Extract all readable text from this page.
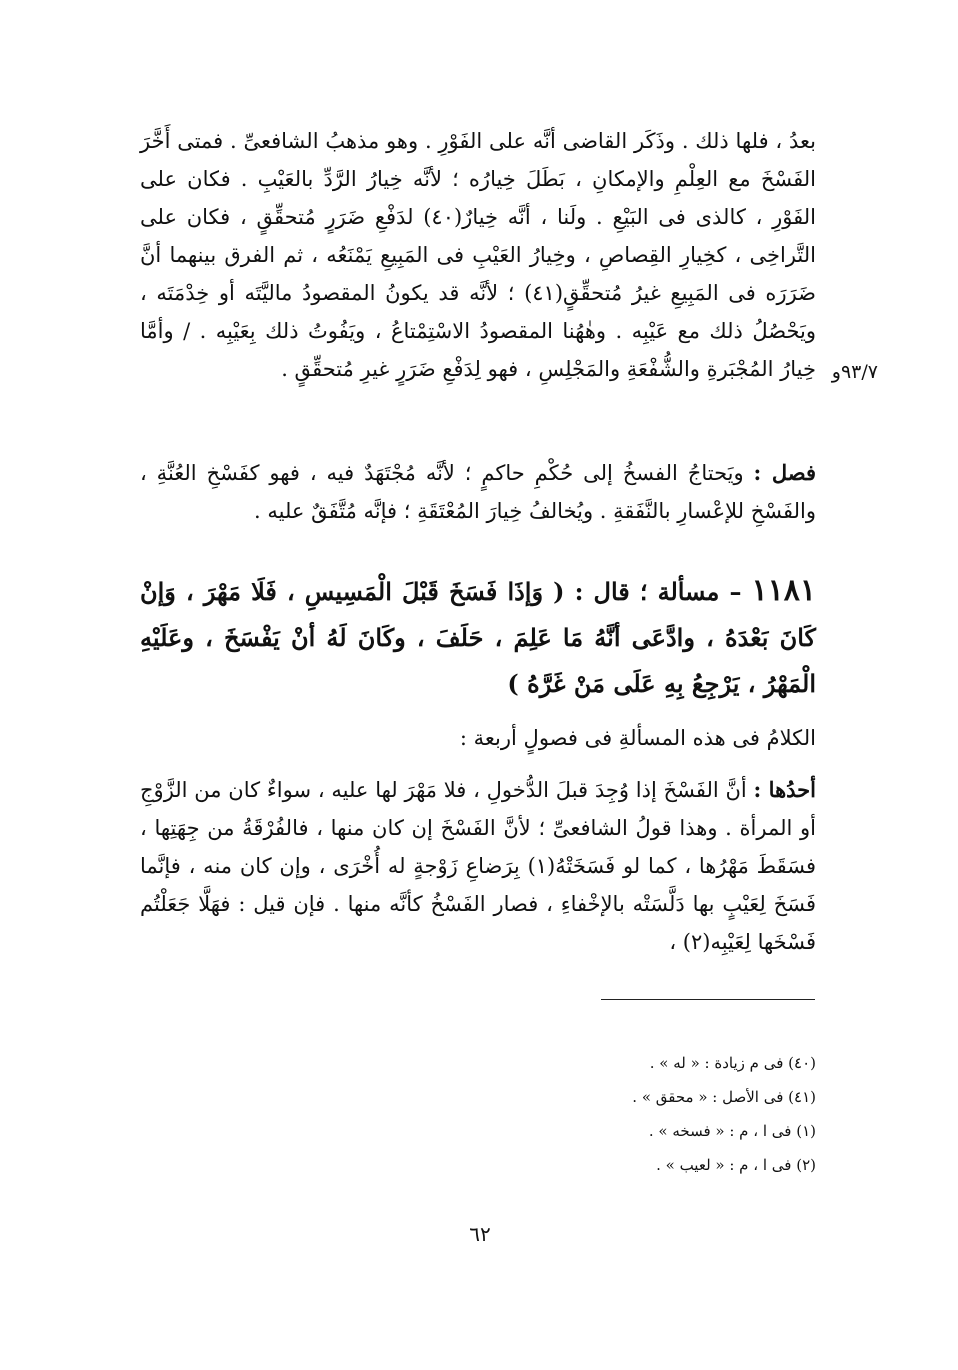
٩٣/٧و
بعدُ ، فلها ذلك . وذَكَر القاضى أنَّه على الفَوْرِ . وهو مذهبُ الشافعىِّ . فمتى أَخَّرَ الفَسْخَ مع العِلْمِ والإمكانِ ، بَطَلَ خِيارُه ؛ لأنَّه خِيارُ الرَّدِّ بالعَيْبِ . فكان على الفَوْرِ ، كالذى فى البَيْعِ . ولَنا ، أنَّه خِيارٌ(٤٠) لدَفْعِ ضَرَرٍ مُتحقِّقٍ ، فكان على التَّراخِى ، كخِيارِ القِصاصِ ، وخِيارُ العَيْبِ فى المَبِيعِ يَمْنَعُه ، ثم الفرق بينهما أنَّ ضَرَرَه فى المَبِيعِ غيرُ مُتحقِّقٍ(٤١) ؛ لأنَّه قد يكونُ المقصودُ ماليَّتَه أو خِدْمَتَه ، ويَحْصُلُ ذلك مع عَيْبِه . وهٰهُنا المقصودُ الاسْتِمْتاعُ ، ويَفُوتُ ذلك بِعَيْبِه . / وأمَّا خِيارُ المُجْبَرةِ والشُّفْعَةِ والمَجْلِسِ ، فهو لِدَفْعِ ضَرَرٍ غيرِ مُتحقِّقٍ .
فصل : ويَحتاجُ الفسخُ إلى حُكْمِ حاكمٍ ؛ لأنَّه مُجْتَهَدٌ فيه ، فهو كفَسْخِ العُنَّةِ ، والفَسْخِ للإعْسارِ بالنَّفَقةِ . ويُخالفُ خِيارَ المُعْتَقَةِ ؛ فإنَّه مُتَّفَقٌ عليه .
١١٨١ – مسألة ؛ قال : ( وَإذَا فَسَخَ قَبْلَ الْمَسِيسِ ، فَلَا مَهْرَ ، وَإنْ كَانَ بَعْدَهُ ، وادَّعَى أنَّهُ مَا عَلِمَ ، حَلَفَ ، وكَانَ لَهُ أنْ يَفْسَخَ ، وعَلَيْهِ الْمَهْرُ ، يَرْجِعُ بِهِ عَلَى مَنْ غَرَّهُ )
الكلامُ فى هذه المسألةِ فى فصولٍ أربعة :
أحدُها : أنَّ الفَسْخَ إذا وُجِدَ قبلَ الدُّخولِ ، فلا مَهْرَ لها عليه ، سواءٌ كان من الزَّوْجِ أو المرأة . وهذا قولُ الشافعىِّ ؛ لأنَّ الفَسْخَ إن كان منها ، فالفُرْقَةُ من جِهَتِها ، فسَقَطَ مَهْرُها ، كما لو فَسَخَتْهُ(١) بِرَضاعِ زَوْجةٍ له أُخْرَى ، وإن كان منه ، فإنَّما فَسَخَ لِعَيْبٍ بها دَلَّسَتْه بالإخْفاءِ ، فصار الفَسْخُ كأنَّه منها . فإن قيل : فهَلَّا جَعَلْتُم فَسْخَها لِعَيْبِه(٢) ،
(٤٠) فى م زيادة : « له » .
(٤١) فى الأصل : « محقق » .
(١) فى ا ، م : « فسخه » .
(٢) فى ا ، م : « لعيب » .
٦٢
